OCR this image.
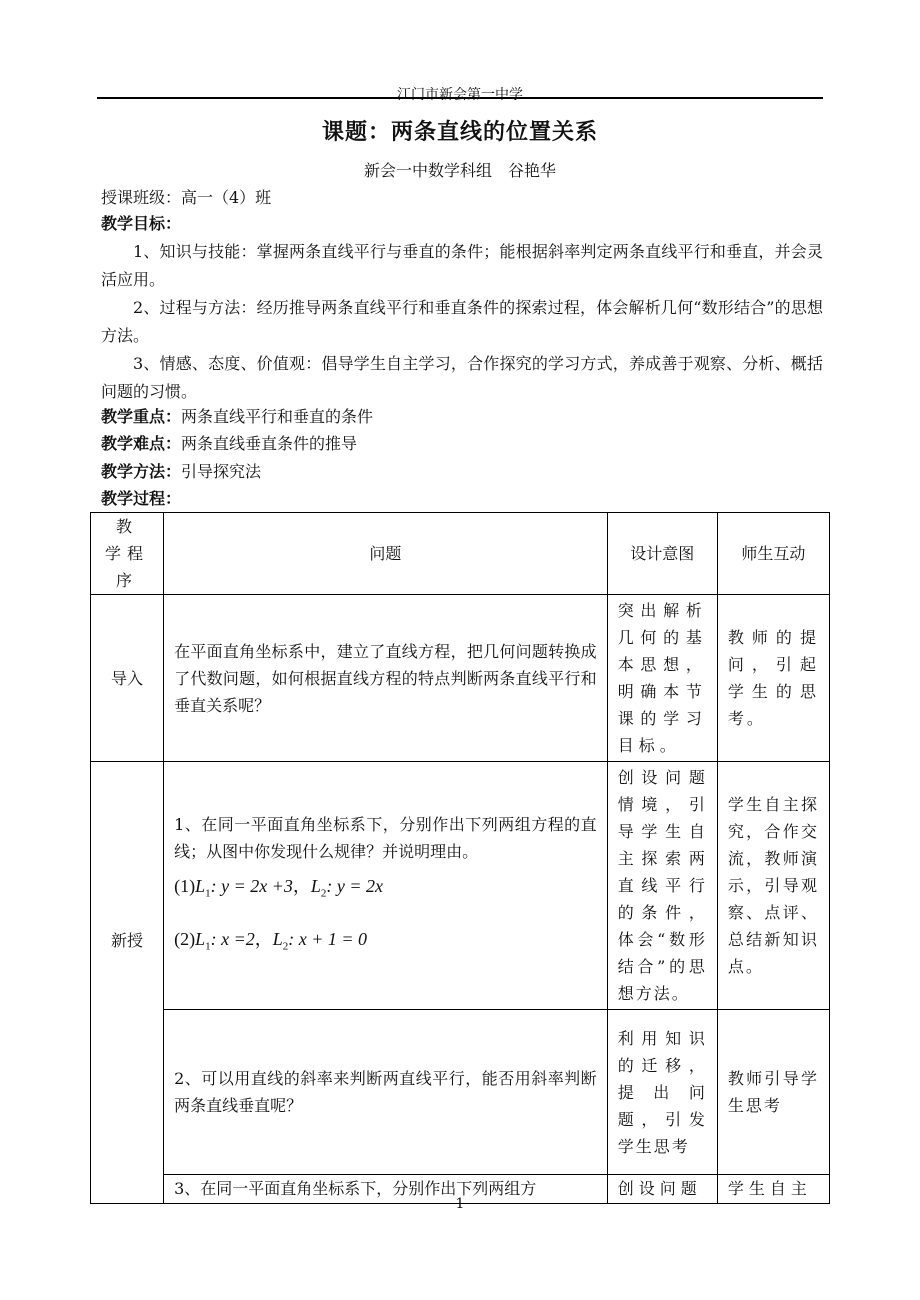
江门市新会第一中学
课题：两条直线的位置关系
新会一中数学科组　谷艳华
授课班级：高一（4）班
教学目标：
1、知识与技能：掌握两条直线平行与垂直的条件；能根据斜率判定两条直线平行和垂直，并会灵活应用。
2、过程与方法：经历推导两条直线平行和垂直条件的探索过程，体会解析几何“数形结合”的思想方法。
3、情感、态度、价值观：倡导学生自主学习，合作探究的学习方式，养成善于观察、分析、概括问题的习惯。
教学重点：两条直线平行和垂直的条件
教学难点：两条直线垂直条件的推导
教学方法：引导探究法
教学过程：
教　学程 序	问题	设计意图	师生互动
导入	在平面直角坐标系中，建立了直线方程，把几何问题转换成了代数问题，如何根据直线方程的特点判断两条直线平行和垂直关系呢？	突出解析几何的基本思想，明确本节课的学习目标。	教师的提问，引起学生的思考。
新授	1、在同一平面直角坐标系下，分别作出下列两组方程的直线；从图中你发现什么规律？并说明理由。
$(1)L_1$: y = 2x +3，$L_2$: y = 2x
$(2)L_1$: x =2，$L_2$: x + 1 = 0	创设问题情境，引导学生自主探索两直线平行的条件，体会“数形结合”的思想方法。	学生自主探究，合作交流，教师演示，引导观察、点评、总结新知识点。
	2、可以用直线的斜率来判断两直线平行，能否用斜率判断两条直线垂直呢？	利用知识的迁移，提出问题，引发学生思考	教师引导学生思考
	3、在同一平面直角坐标系下，分别作出下列两组方	创设问题	学生自主
1
